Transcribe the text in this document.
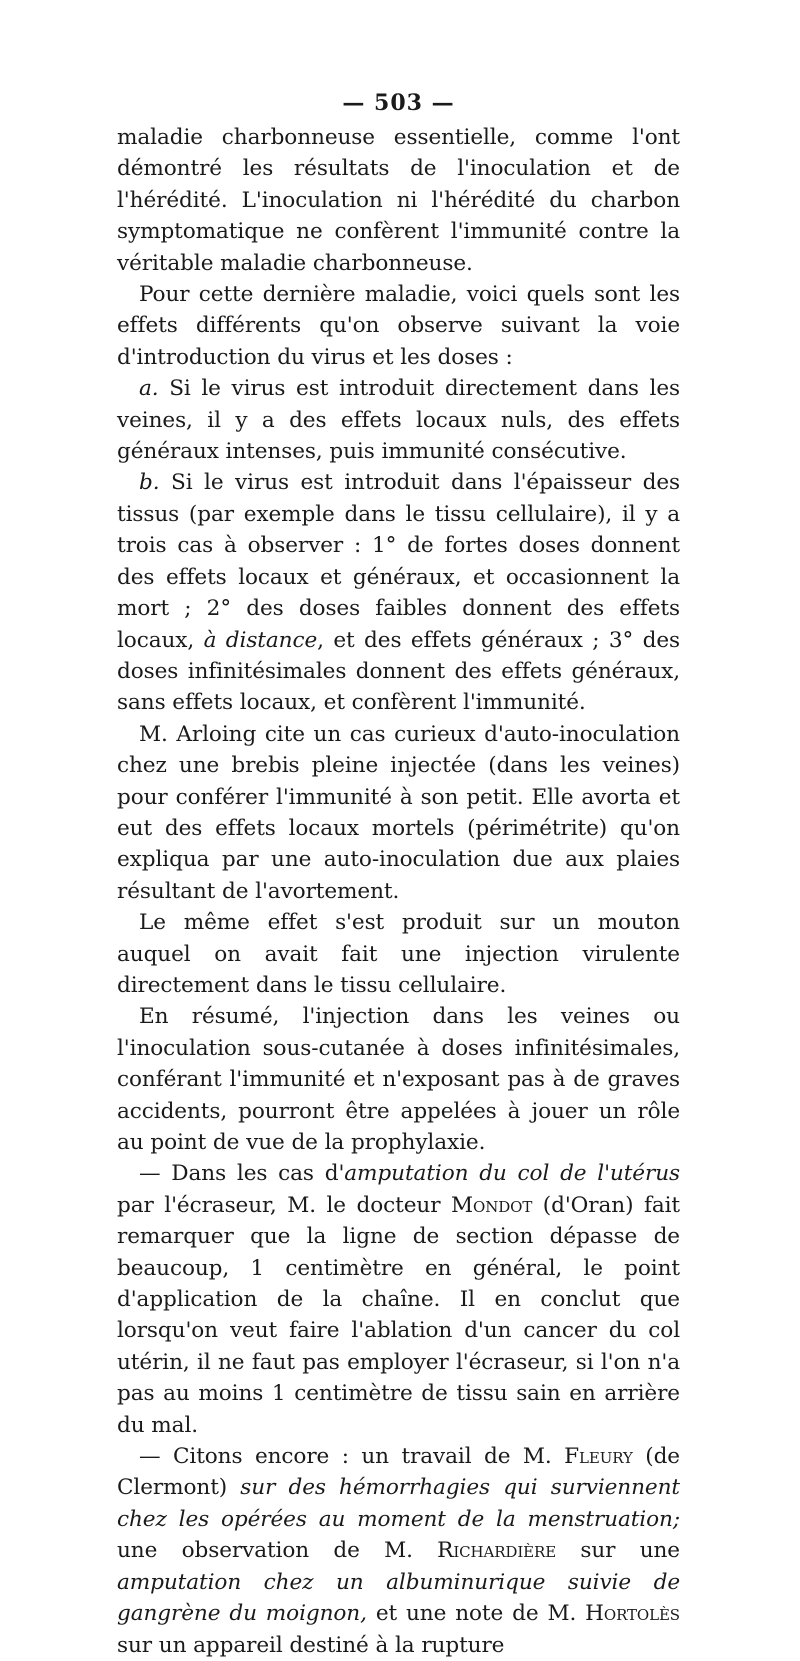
— 503 —

maladie charbonneuse essentielle, comme l'ont démontré les résultats de l'inoculation et de l'hérédité. L'inoculation ni l'hérédité du charbon symptomatique ne confèrent l'immunité contre la véritable maladie charbonneuse.

Pour cette dernière maladie, voici quels sont les effets différents qu'on observe suivant la voie d'introduction du virus et les doses :

a. Si le virus est introduit directement dans les veines, il y a des effets locaux nuls, des effets généraux intenses, puis immunité consécutive.

b. Si le virus est introduit dans l'épaisseur des tissus (par exemple dans le tissu cellulaire), il y a trois cas à observer : 1° de fortes doses donnent des effets locaux et généraux, et occasionnent la mort ; 2° des doses faibles donnent des effets locaux, à distance, et des effets généraux ; 3° des doses infinitésimales donnent des effets généraux, sans effets locaux, et confèrent l'immunité.

M. Arloing cite un cas curieux d'auto-inoculation chez une brebis pleine injectée (dans les veines) pour conférer l'immunité à son petit. Elle avorta et eut des effets locaux mortels (périmétrite) qu'on expliqua par une auto-inoculation due aux plaies résultant de l'avortement.

Le même effet s'est produit sur un mouton auquel on avait fait une injection virulente directement dans le tissu cellulaire.

En résumé, l'injection dans les veines ou l'inoculation sous-cutanée à doses infinitésimales, conférant l'immunité et n'exposant pas à de graves accidents, pourront être appelées à jouer un rôle au point de vue de la prophylaxie.

— Dans les cas d'amputation du col de l'utérus par l'écraseur, M. le docteur Mondot (d'Oran) fait remarquer que la ligne de section dépasse de beaucoup, 1 centimètre en général, le point d'application de la chaîne. Il en conclut que lorsqu'on veut faire l'ablation d'un cancer du col utérin, il ne faut pas employer l'écraseur, si l'on n'a pas au moins 1 centimètre de tissu sain en arrière du mal.

— Citons encore : un travail de M. Fleury (de Clermont) sur des hémorrhagies qui surviennent chez les opérées au moment de la menstruation; une observation de M. Richardière sur une amputation chez un albuminurique suivie de gangrène du moignon, et une note de M. Hortolès sur un appareil destiné à la rupture
